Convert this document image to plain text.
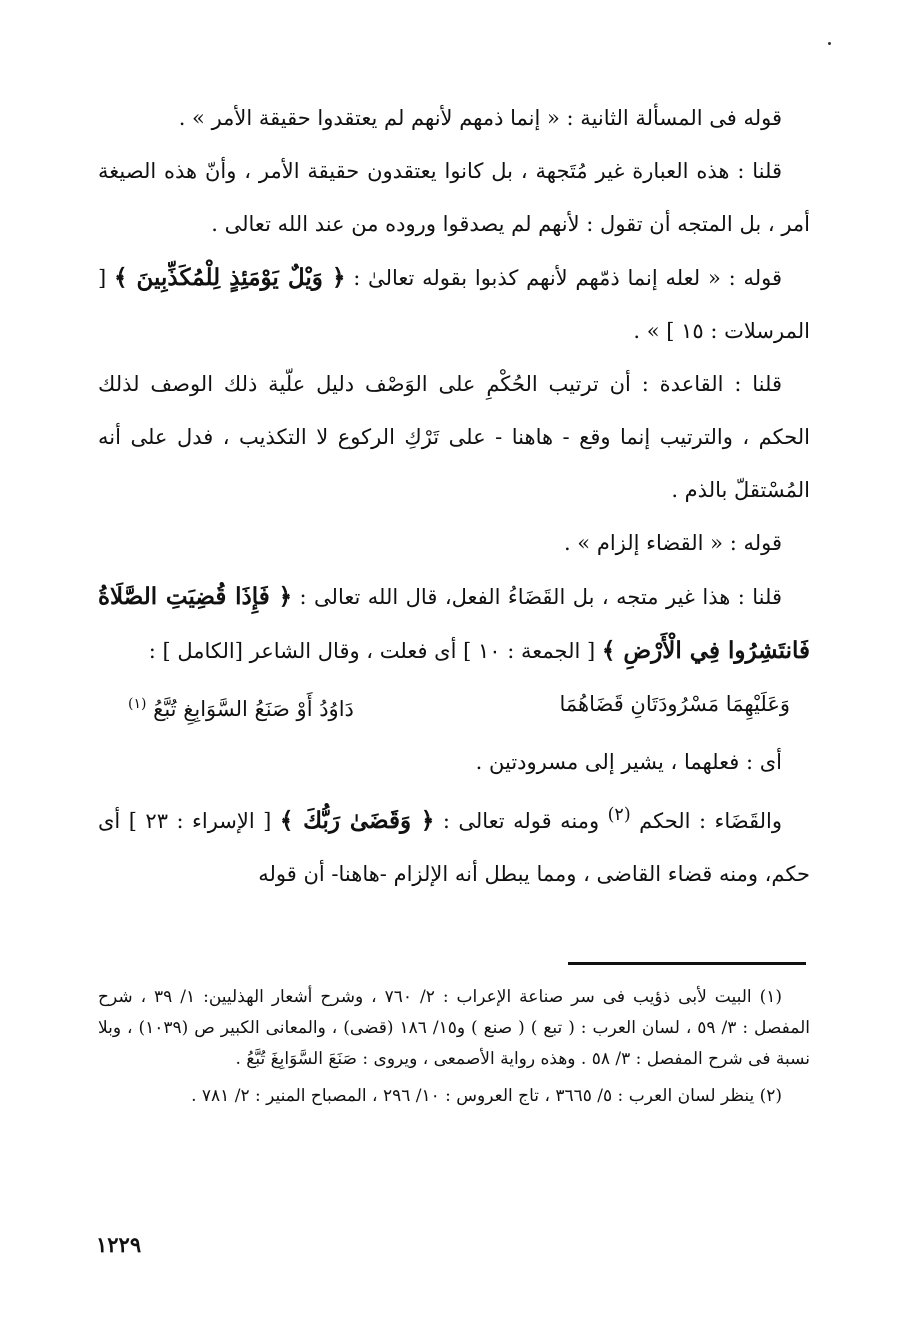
قوله فى المسألة الثانية : « إنما ذمهم لأنهم لم يعتقدوا حقيقة الأمر » .

قلنا : هذه العبارة غير مُتَجهة ، بل كانوا يعتقدون حقيقة الأمر ، وأنّ هذه الصيغة أمر ، بل المتجه أن تقول : لأنهم لم يصدقوا وروده من عند الله تعالى .

قوله : « لعله إنما ذمّهم لأنهم كذبوا بقوله تعالىٰ : ﴿ وَيْلٌ يَوْمَئِذٍ لِلْمُكَذِّبِينَ ﴾ [ المرسلات : ١٥ ] » .

قلنا : القاعدة : أن ترتيب الحُكْمِ على الوَصْف دليل علّية ذلك الوصف لذلك الحكم ، والترتيب إنما وقع - هاهنا - على تَرْكِ الركوع لا التكذيب ، فدل على أنه المُسْتقلّ بالذم .

قوله : « القضاء إلزام » .

قلنا : هذا غير متجه ، بل القَضَاءُ الفعل، قال الله تعالى : ﴿ فَإِذَا قُضِيَتِ الصَّلَاةُ فَانتَشِرُوا فِي الْأَرْضِ ﴾ [ الجمعة : ١٠ ] أى فعلت ، وقال الشاعر [الكامل ] :

وَعَلَيْهِمَا مَسْرُودَتَانِ قَضَاهُمَا
دَاوُدُ أَوْ صَنَعُ السَّوَابِغِ تُبَّعُ $^{(١)}$

أى : فعلهما ، يشير إلى مسرودتين .

والقَضَاء : الحكم $^{(٢)}$ ومنه قوله تعالى : ﴿ وَقَضَىٰ رَبُّكَ ﴾ [ الإسراء : ٢٣ ] أى حكم، ومنه قضاء القاضى ، ومما يبطل أنه الإلزام -هاهنا- أن قوله

(١) البيت لأبى ذؤيب فى سر صناعة الإعراب : ٢/ ٧٦٠ ، وشرح أشعار الهذليين: ١/ ٣٩ ، شرح المفصل : ٣/ ٥٩ ، لسان العرب : ( تبع ) ( صنع ) و١٥/ ١٨٦ (قضى) ، والمعانى الكبير ص (١٠٣٩) ، وبلا نسبة فى شرح المفصل : ٣/ ٥٨ . وهذه رواية الأصمعى ، ويروى : صَنَعَ السَّوَابِغَ تُبَّعُ .

(٢) ينظر لسان العرب : ٥/ ٣٦٦٥ ، تاج العروس : ١٠/ ٢٩٦ ، المصباح المنير : ٢/ ٧٨١ .

١٢٢٩
